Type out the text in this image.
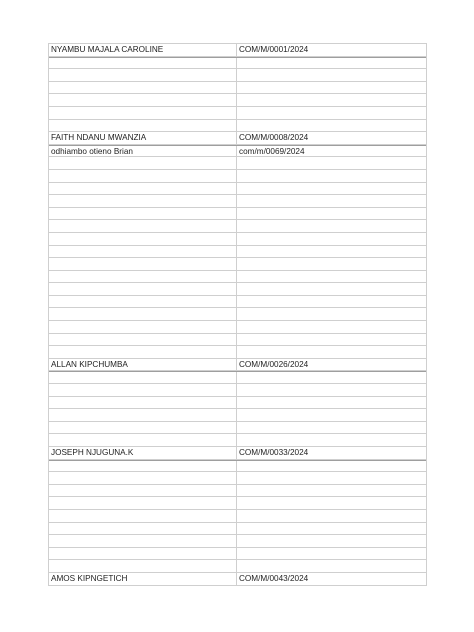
NYAMBU MAJALA CAROLINE	COM/M/0001/2024
FAITH NDANU MWANZIA	COM/M/0008/2024
odhiambo otieno Brian	com/m/0069/2024
ALLAN KIPCHUMBA	COM/M/0026/2024
JOSEPH NJUGUNA.K	COM/M/0033/2024
AMOS KIPNGETICH	COM/M/0043/2024
